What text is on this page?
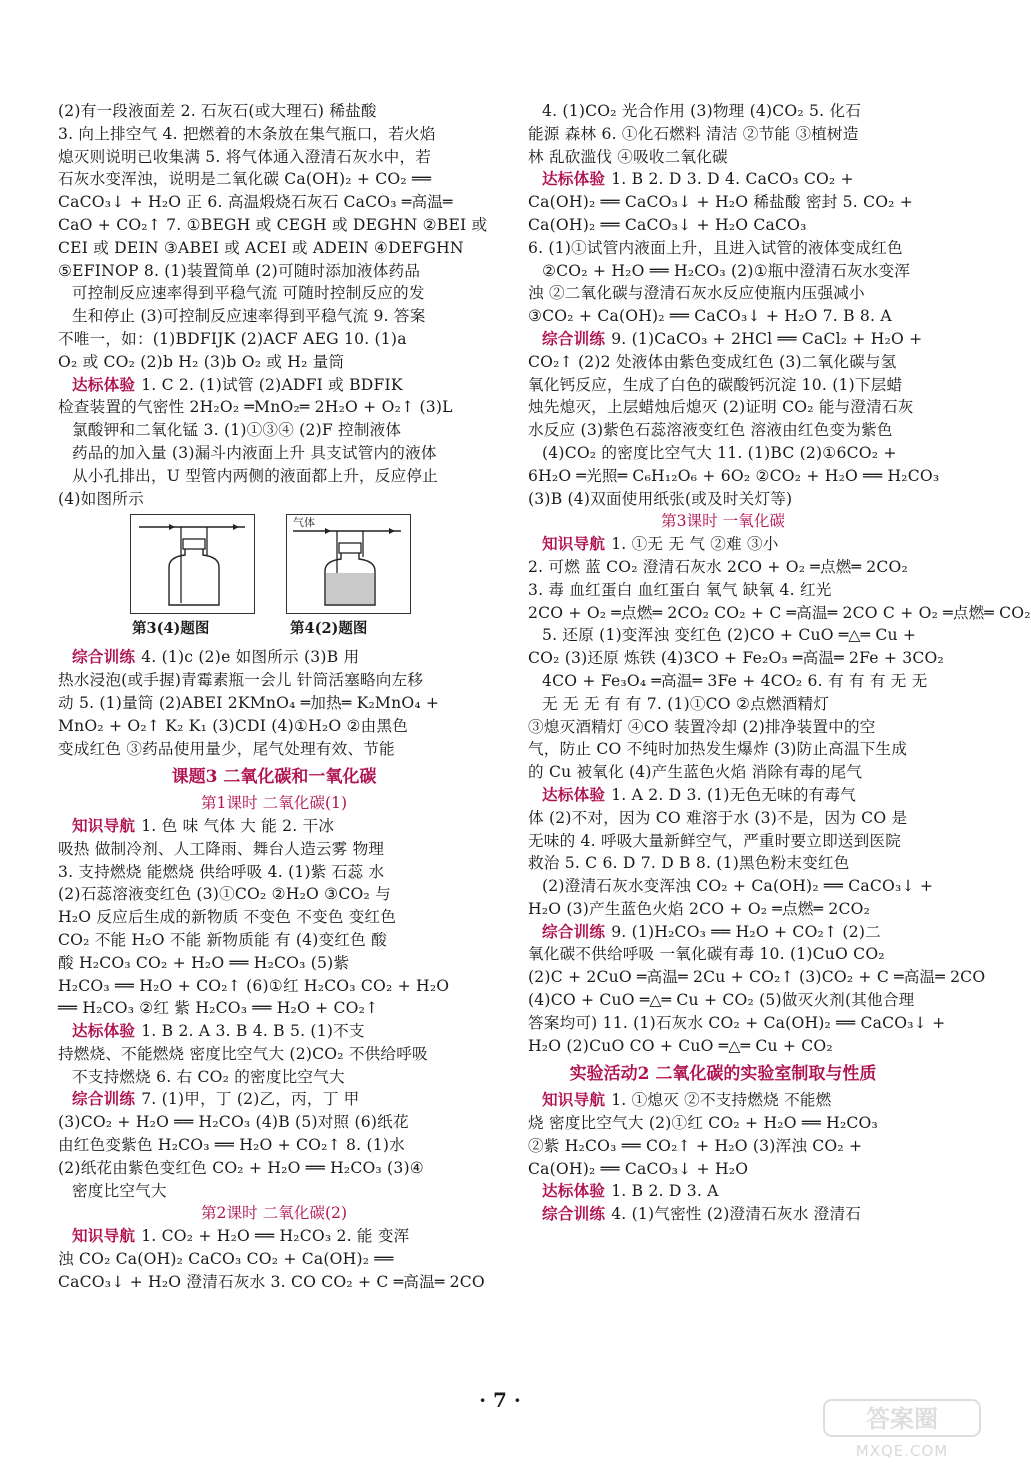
(2)有一段液面差 2. 石灰石(或大理石) 稀盐酸
3. 向上排空气 4. 把燃着的木条放在集气瓶口，若火焰
熄灭则说明已收集满 5. 将气体通入澄清石灰水中，若
石灰水变浑浊，说明是二氧化碳 Ca(OH)₂ + CO₂ ══
CaCO₃↓ + H₂O 正 6. 高温煅烧石灰石 CaCO₃ ═高温═
CaO + CO₂↑ 7. ①BEGH 或 CEGH 或 DEGHN ②BEI 或
CEI 或 DEIN ③ABEI 或 ACEI 或 ADEIN ④DEFGHN
⑤EFINOP 8. (1)装置简单 (2)可随时添加液体药品
可控制反应速率得到平稳气流 可随时控制反应的发
生和停止 (3)可控制反应速率得到平稳气流 9. 答案
不唯一，如：(1)BDFIJK (2)ACF AEG 10. (1)a
O₂ 或 CO₂ (2)b H₂ (3)b O₂ 或 H₂ 量筒
达标体验 1. C 2. (1)试管 (2)ADFI 或 BDFIK
检查装置的气密性 2H₂O₂ ═MnO₂═ 2H₂O + O₂↑ (3)L
氯酸钾和二氧化锰 3. (1)①③④ (2)F 控制液体
药品的加入量 (3)漏斗内液面上升 具支试管内的液体
从小孔排出，U 型管内两侧的液面都上升，反应停止
(4)如图所示
气体
第3(4)题图	第4(2)题图
综合训练 4. (1)c (2)e 如图所示 (3)B 用
热水浸泡(或手握)青霉素瓶一会儿 针筒活塞略向左移
动 5. (1)量筒 (2)ABEI 2KMnO₄ ═加热═ K₂MnO₄ +
MnO₂ + O₂↑ K₂ K₁ (3)CDI (4)①H₂O ②由黑色
变成红色 ③药品使用量少，尾气处理有效、节能
课题3 二氧化碳和一氧化碳
第1课时 二氧化碳(1)
知识导航 1. 色 味 气体 大 能 2. 干冰
吸热 做制冷剂、人工降雨、舞台人造云雾 物理
3. 支持燃烧 能燃烧 供给呼吸 4. (1)紫 石蕊 水
(2)石蕊溶液变红色 (3)①CO₂ ②H₂O ③CO₂ 与
H₂O 反应后生成的新物质 不变色 不变色 变红色
CO₂ 不能 H₂O 不能 新物质能 有 (4)变红色 酸
酸 H₂CO₃ CO₂ + H₂O ══ H₂CO₃ (5)紫
H₂CO₃ ══ H₂O + CO₂↑ (6)①红 H₂CO₃ CO₂ + H₂O
══ H₂CO₃ ②红 紫 H₂CO₃ ══ H₂O + CO₂↑
达标体验 1. B 2. A 3. B 4. B 5. (1)不支
持燃烧、不能燃烧 密度比空气大 (2)CO₂ 不供给呼吸
不支持燃烧 6. 右 CO₂ 的密度比空气大
综合训练 7. (1)甲，丁 (2)乙，丙，丁 甲
(3)CO₂ + H₂O ══ H₂CO₃ (4)B (5)对照 (6)纸花
由红色变紫色 H₂CO₃ ══ H₂O + CO₂↑ 8. (1)水
(2)纸花由紫色变红色 CO₂ + H₂O ══ H₂CO₃ (3)④
密度比空气大
第2课时 二氧化碳(2)
知识导航 1. CO₂ + H₂O ══ H₂CO₃ 2. 能 变浑
浊 CO₂ Ca(OH)₂ CaCO₃ CO₂ + Ca(OH)₂ ══
CaCO₃↓ + H₂O 澄清石灰水 3. CO CO₂ + C ═高温═ 2CO
4. (1)CO₂ 光合作用 (3)物理 (4)CO₂ 5. 化石
能源 森林 6. ①化石燃料 清洁 ②节能 ③植树造
林 乱砍滥伐 ④吸收二氧化碳
达标体验 1. B 2. D 3. D 4. CaCO₃ CO₂ +
Ca(OH)₂ ══ CaCO₃↓ + H₂O 稀盐酸 密封 5. CO₂ +
Ca(OH)₂ ══ CaCO₃↓ + H₂O CaCO₃
6. (1)①试管内液面上升，且进入试管的液体变成红色
②CO₂ + H₂O ══ H₂CO₃ (2)①瓶中澄清石灰水变浑
浊 ②二氧化碳与澄清石灰水反应使瓶内压强减小
③CO₂ + Ca(OH)₂ ══ CaCO₃↓ + H₂O 7. B 8. A
综合训练 9. (1)CaCO₃ + 2HCl ══ CaCl₂ + H₂O +
CO₂↑ (2)2 处液体由紫色变成红色 (3)二氧化碳与氢
氧化钙反应，生成了白色的碳酸钙沉淀 10. (1)下层蜡
烛先熄灭，上层蜡烛后熄灭 (2)证明 CO₂ 能与澄清石灰
水反应 (3)紫色石蕊溶液变红色 溶液由红色变为紫色
(4)CO₂ 的密度比空气大 11. (1)BC (2)①6CO₂ +
6H₂O ═光照═ C₆H₁₂O₆ + 6O₂ ②CO₂ + H₂O ══ H₂CO₃
(3)B (4)双面使用纸张(或及时关灯等)
第3课时 一氧化碳
知识导航 1. ①无 无 气 ②难 ③小
2. 可燃 蓝 CO₂ 澄清石灰水 2CO + O₂ ═点燃═ 2CO₂
3. 毒 血红蛋白 血红蛋白 氧气 缺氧 4. 红光
2CO + O₂ ═点燃═ 2CO₂ CO₂ + C ═高温═ 2CO C + O₂ ═点燃═ CO₂
5. 还原 (1)变浑浊 变红色 (2)CO + CuO ═△═ Cu +
CO₂ (3)还原 炼铁 (4)3CO + Fe₂O₃ ═高温═ 2Fe + 3CO₂
4CO + Fe₃O₄ ═高温═ 3Fe + 4CO₂ 6. 有 有 有 无 无
无 无 无 有 有 7. (1)①CO ②点燃酒精灯
③熄灭酒精灯 ④CO 装置冷却 (2)排净装置中的空
气，防止 CO 不纯时加热发生爆炸 (3)防止高温下生成
的 Cu 被氧化 (4)产生蓝色火焰 消除有毒的尾气
达标体验 1. A 2. D 3. (1)无色无味的有毒气
体 (2)不对，因为 CO 难溶于水 (3)不是，因为 CO 是
无味的 4. 呼吸大量新鲜空气，严重时要立即送到医院
救治 5. C 6. D 7. D B 8. (1)黑色粉末变红色
(2)澄清石灰水变浑浊 CO₂ + Ca(OH)₂ ══ CaCO₃↓ +
H₂O (3)产生蓝色火焰 2CO + O₂ ═点燃═ 2CO₂
综合训练 9. (1)H₂CO₃ ══ H₂O + CO₂↑ (2)二
氧化碳不供给呼吸 一氧化碳有毒 10. (1)CuO CO₂
(2)C + 2CuO ═高温═ 2Cu + CO₂↑ (3)CO₂ + C ═高温═ 2CO
(4)CO + CuO ═△═ Cu + CO₂ (5)做灭火剂(其他合理
答案均可) 11. (1)石灰水 CO₂ + Ca(OH)₂ ══ CaCO₃↓ +
H₂O (2)CuO CO + CuO ═△═ Cu + CO₂
实验活动2 二氧化碳的实验室制取与性质
知识导航 1. ①熄灭 ②不支持燃烧 不能燃
烧 密度比空气大 (2)①红 CO₂ + H₂O ══ H₂CO₃
②紫 H₂CO₃ ══ CO₂↑ + H₂O (3)浑浊 CO₂ +
Ca(OH)₂ ══ CaCO₃↓ + H₂O
达标体验 1. B 2. D 3. A
综合训练 4. (1)气密性 (2)澄清石灰水 澄清石
· 7 ·
答案圈
MXQE.COM
